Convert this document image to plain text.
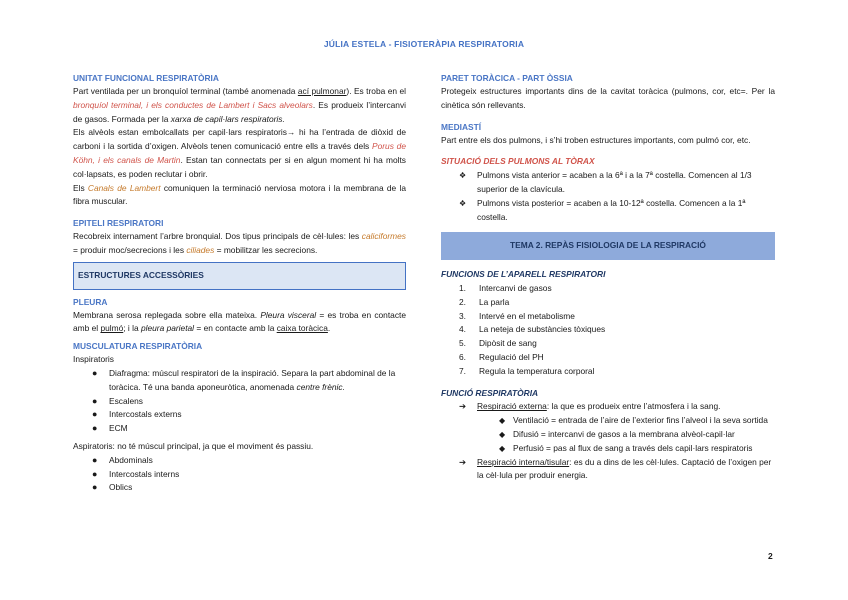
JÚLIA ESTELA - FISIOTERÀPIA RESPIRATORIA
UNITAT FUNCIONAL RESPIRATÒRIA

Part ventilada per un bronquíol terminal (també anomenada ací pulmonar). Es troba en el bronquíol terminal, i els conductes de Lambert i Sacs alveolars. Es produeix l’intercanvi de gasos. Formada per la xarxa de capil·lars respiratoris.

Els alvèols estan embolcallats per capil·lars respiratoris→ hi ha l’entrada de diòxid de carboni i la sortida d’oxigen. Alvèols tenen comunicació entre ells a través dels Porus de Köhn, i els canals de Martin. Estan tan connectats per si en algun moment hi ha molts col·lapsats, es poden reclutar i obrir.

Els Canals de Lambert comuniquen la terminació nerviosa motora i la membrana de la fibra muscular.

EPITELI RESPIRATORI

Recobreix internament l’arbre bronquial. Dos tipus principals de cèl·lules: les caliciformes = produir moc/secrecions i les ciliades = mobilitzar les secrecions.

ESTRUCTURES ACCESSÒRIES
PLEURA

Membrana serosa replegada sobre ella mateixa. Pleura visceral = es troba en contacte amb el pulmó; i la pleura parietal = en contacte amb la caixa toràcica.

MUSCULATURA RESPIRATÒRIA
Inspiratoris
● Diafragma: múscul respiratori de la inspiració. Separa la part abdominal de la toràcica. Té una banda aponeuròtica, anomenada centre frènic.
● Escalens
● Intercostals externs
● ECM
Aspiratoris: no té múscul principal, ja que el moviment és passiu.
● Abdominals
● Intercostals interns
● Oblics
PARET TORÀCICA - PART ÒSSIA

Protegeix estructures importants dins de la cavitat toràcica (pulmons, cor, etc=. Per la cinètica són rellevants.

MEDIASTÍ

Part entre els dos pulmons, i s’hi troben estructures importants, com pulmó cor, etc.

SITUACIÓ DELS PULMONS AL TÒRAX
❖ Pulmons vista anterior = acaben a la 6ª i a la 7ª costella. Comencen al 1/3 superior de la clavícula.
❖ Pulmons vista posterior = acaben a la 10-12ª costella. Comencen a la 1ª costella.
TEMA 2. REPÀS FISIOLOGIA DE LA RESPIRACIÓ
FUNCIONS DE L’APARELL RESPIRATORI
1. Intercanvi de gasos
2. La parla
3. Intervé en el metabolisme
4. La neteja de substàncies tòxiques
5. Dipòsit de sang
6. Regulació del PH
7. Regula la temperatura corporal
FUNCIÓ RESPIRATÒRIA
➔ Respiració externa: la que es produeix entre l’atmosfera i la sang.
◆ Ventilació = entrada de l’aire de l’exterior fins l’alveol i la seva sortida
◆ Difusió = intercanvi de gasos a la membrana alvèol-capil·lar
◆ Perfusió = pas al flux de sang a través dels capil·lars respiratoris
➔ Respiració interna/tisular: es du a dins de les cèl·lules. Captació de l’oxigen per la cèl·lula per produir energia.
2
